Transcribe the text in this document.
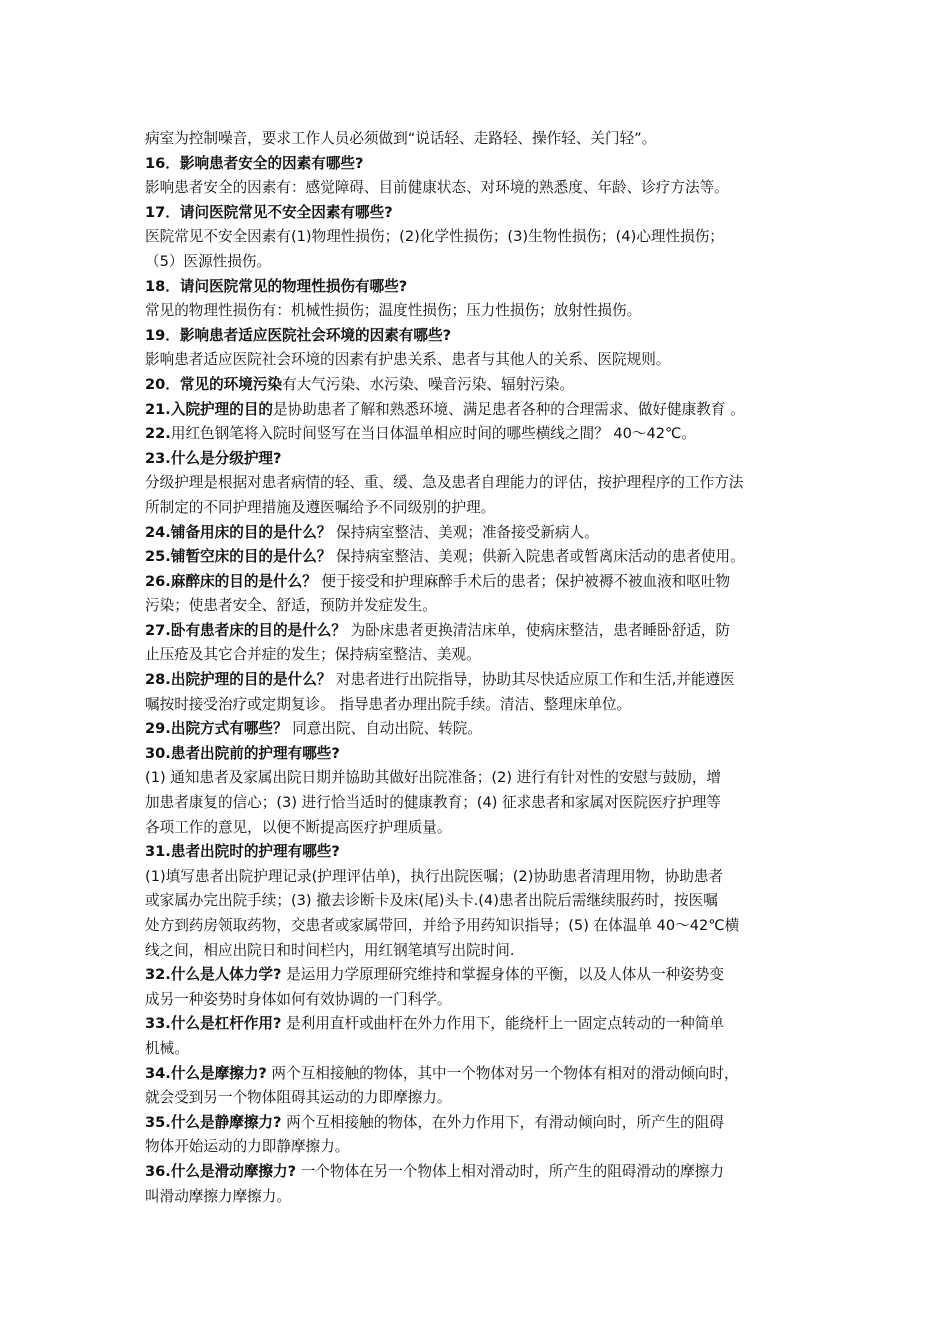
病室为控制噪音，要求工作人员必须做到“说话轻、走路轻、操作轻、关门轻”。
16．影响患者安全的因素有哪些?
影响患者安全的因素有：感觉障碍、目前健康状态、对环境的熟悉度、年龄、诊疗方法等。
17．请问医院常见不安全因素有哪些?
医院常见不安全因素有(1)物理性损伤；(2)化学性损伤；(3)生物性损伤；(4)心理性损伤；
（5）医源性损伤。
18．请问医院常见的物理性损伤有哪些?
常见的物理性损伤有：机械性损伤；温度性损伤；压力性损伤；放射性损伤。
19．影响患者适应医院社会环境的因素有哪些?
影响患者适应医院社会环境的因素有护患关系、患者与其他人的关系、医院规则。
20．常见的环境污染有大气污染、水污染、噪音污染、辐射污染。
21.入院护理的目的是协助患者了解和熟悉环境、满足患者各种的合理需求、做好健康教育 。
22.用红色钢笔将入院时间竖写在当日体温单相应时间的哪些横线之間？ 40～42℃。
23.什么是分级护理?
分级护理是根据对患者病情的轻、重、缓、急及患者自理能力的评估，按护理程序的工作方法
所制定的不同护理措施及遵医嘱给予不同级别的护理。
24.铺备用床的目的是什么？ 保持病室整洁、美观；准备接受新病人。
25.铺暂空床的目的是什么？ 保持病室整洁、美观；供新入院患者或暂离床活动的患者使用。
26.麻醉床的目的是什么？ 便于接受和护理麻醉手术后的患者；保护被褥不被血液和呕吐物
污染；使患者安全、舒适，预防并发症发生。
27.卧有患者床的目的是什么？ 为卧床患者更换清洁床单，使病床整洁，患者睡卧舒适，防
止压疮及其它合并症的发生；保持病室整洁、美观。
28.出院护理的目的是什么？ 对患者进行出院指导，协助其尽快适应原工作和生活,并能遵医
嘱按时接受治疗或定期复诊。 指导患者办理出院手续。清洁、整理床单位。
29.出院方式有哪些？ 同意出院、自动出院、转院。
30.患者出院前的护理有哪些?
(1) 通知患者及家属出院日期并協助其做好出院准备；(2) 进行有针对性的安慰与鼓励，增
加患者康复的信心；(3) 进行恰当适时的健康教育；(4) 征求患者和家属对医院医疗护理等
各项工作的意见，以便不断提高医疗护理质量。
31.患者出院时的护理有哪些?
(1)填写患者出院护理记录(护理评估单)，执行出院医嘱；(2)协助患者清理用物，协助患者
或家属办完出院手续；(3) 撤去诊断卡及床(尾)头卡.(4)患者出院后需继续服药时，按医嘱
处方到药房领取药物，交患者或家属带回，并给予用药知识指导；(5) 在体温单 40～42℃横
线之间，相应出院日和时间栏内，用红钢笔填写出院时间.
32.什么是人体力学? 是运用力学原理研究维持和掌握身体的平衡，以及人体从一种姿势变
成另一种姿势时身体如何有效协调的一门科学。
33.什么是杠杆作用? 是利用直杆或曲杆在外力作用下，能绕杆上一固定点转动的一种简单
机械。
34.什么是摩擦力? 两个互相接触的物体，其中一个物体对另一个物体有相对的滑动倾向时，
就会受到另一个物体阻碍其运动的力即摩擦力。
35.什么是静摩擦力? 两个互相接触的物体，在外力作用下，有滑动倾向时，所产生的阻碍
物体开始运动的力即静摩擦力。
36.什么是滑动摩擦力? 一个物体在另一个物体上相对滑动时，所产生的阻碍滑动的摩擦力
叫滑动摩擦力摩擦力。
